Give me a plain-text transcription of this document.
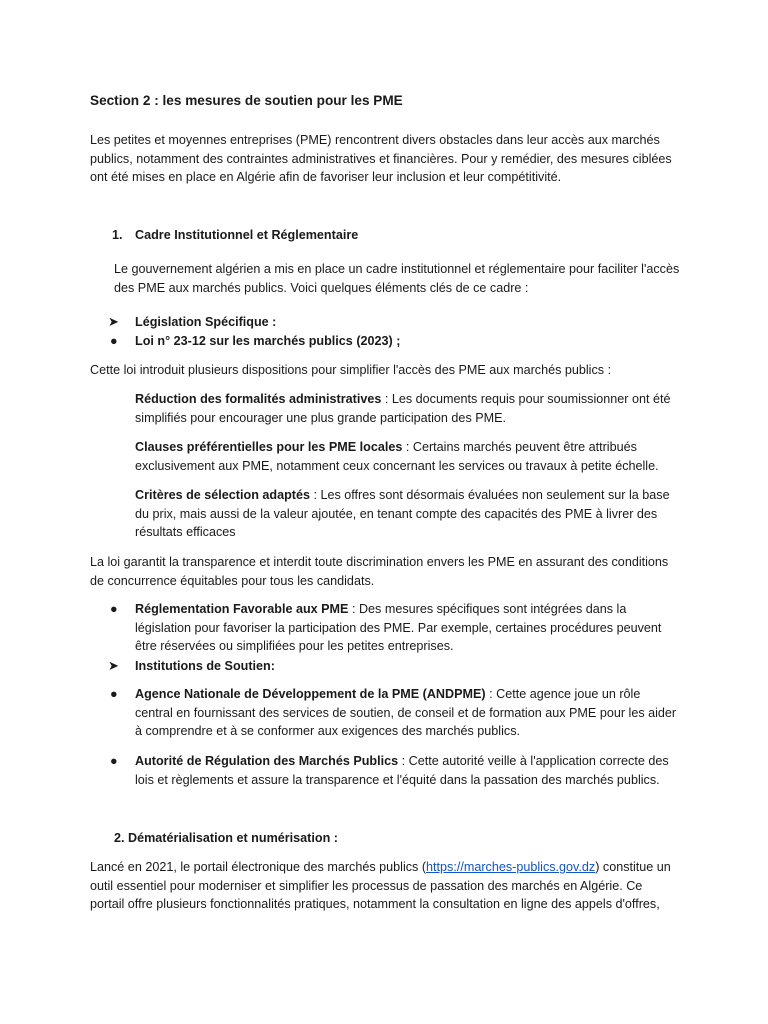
Section 2 : les mesures de soutien pour les PME

Les petites et moyennes entreprises (PME) rencontrent divers obstacles dans leur accès aux marchés publics, notamment des contraintes administratives et financières. Pour y remédier, des mesures ciblées ont été mises en place en Algérie afin de favoriser leur inclusion et leur compétitivité.

1. Cadre Institutionnel et Réglementaire

Le gouvernement algérien a mis en place un cadre institutionnel et réglementaire pour faciliter l'accès des PME aux marchés publics. Voici quelques éléments clés de ce cadre :

➤ Législation Spécifique :

● Loi n° 23-12 sur les marchés publics (2023) ;

Cette loi introduit plusieurs dispositions pour simplifier l'accès des PME aux marchés publics :

Réduction des formalités administratives : Les documents requis pour soumissionner ont été simplifiés pour encourager une plus grande participation des PME.

Clauses préférentielles pour les PME locales : Certains marchés peuvent être attribués exclusivement aux PME, notamment ceux concernant les services ou travaux à petite échelle.

Critères de sélection adaptés : Les offres sont désormais évaluées non seulement sur la base du prix, mais aussi de la valeur ajoutée, en tenant compte des capacités des PME à livrer des résultats efficaces

La loi garantit la transparence et interdit toute discrimination envers les PME en assurant des conditions de concurrence équitables pour tous les candidats.

● Réglementation Favorable aux PME : Des mesures spécifiques sont intégrées dans la législation pour favoriser la participation des PME. Par exemple, certaines procédures peuvent être réservées ou simplifiées pour les petites entreprises.

➤ Institutions de Soutien:

● Agence Nationale de Développement de la PME (ANDPME) : Cette agence joue un rôle central en fournissant des services de soutien, de conseil et de formation aux PME pour les aider à comprendre et à se conformer aux exigences des marchés publics.

● Autorité de Régulation des Marchés Publics : Cette autorité veille à l'application correcte des lois et règlements et assure la transparence et l'équité dans la passation des marchés publics.

2. Dématérialisation et numérisation :

Lancé en 2021, le portail électronique des marchés publics (https://marches-publics.gov.dz) constitue un outil essentiel pour moderniser et simplifier les processus de passation des marchés en Algérie. Ce portail offre plusieurs fonctionnalités pratiques, notamment la consultation en ligne des appels d'offres,
